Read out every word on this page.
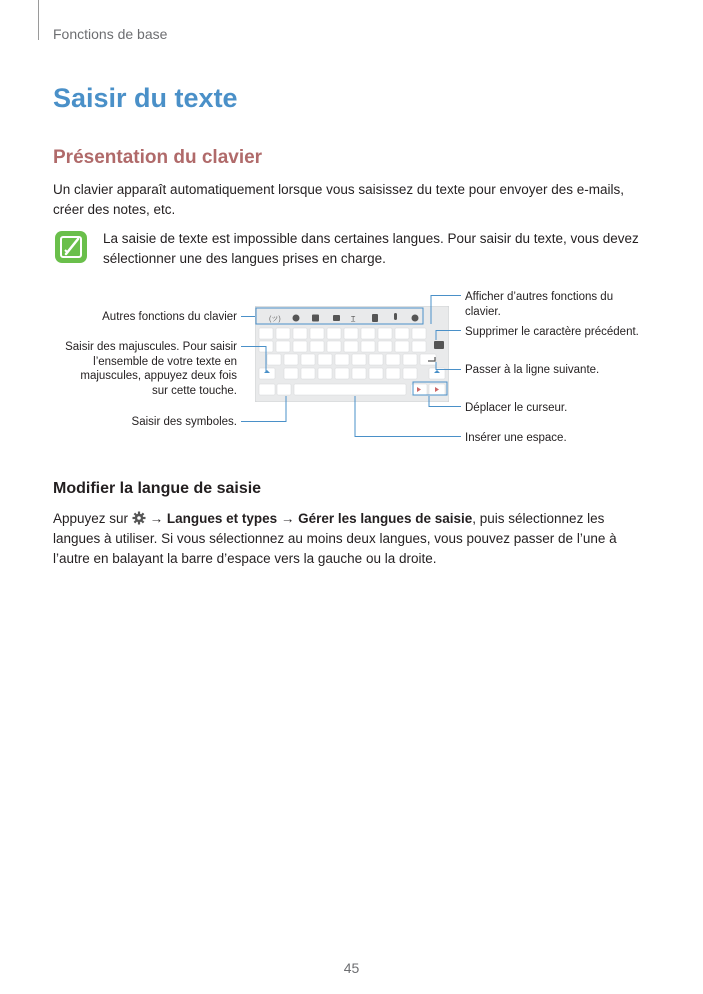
Fonctions de base
Saisir du texte
Présentation du clavier
Un clavier apparaît automatiquement lorsque vous saisissez du texte pour envoyer des e-mails, créer des notes, etc.
La saisie de texte est impossible dans certaines langues. Pour saisir du texte, vous devez sélectionner une des langues prises en charge.
(ツ)	T̲
Autres fonctions du clavier
Saisir des majuscules. Pour saisir l’ensemble de votre texte en majuscules, appuyez deux fois sur cette touche.
Saisir des symboles.
Afficher d’autres fonctions du clavier.
Supprimer le caractère précédent.
Passer à la ligne suivante.
Déplacer le curseur.
Insérer une espace.
Modifier la langue de saisie
Appuyez sur  → Langues et types → Gérer les langues de saisie, puis sélectionnez les langues à utiliser. Si vous sélectionnez au moins deux langues, vous pouvez passer de l’une à l’autre en balayant la barre d’espace vers la gauche ou la droite.
45
